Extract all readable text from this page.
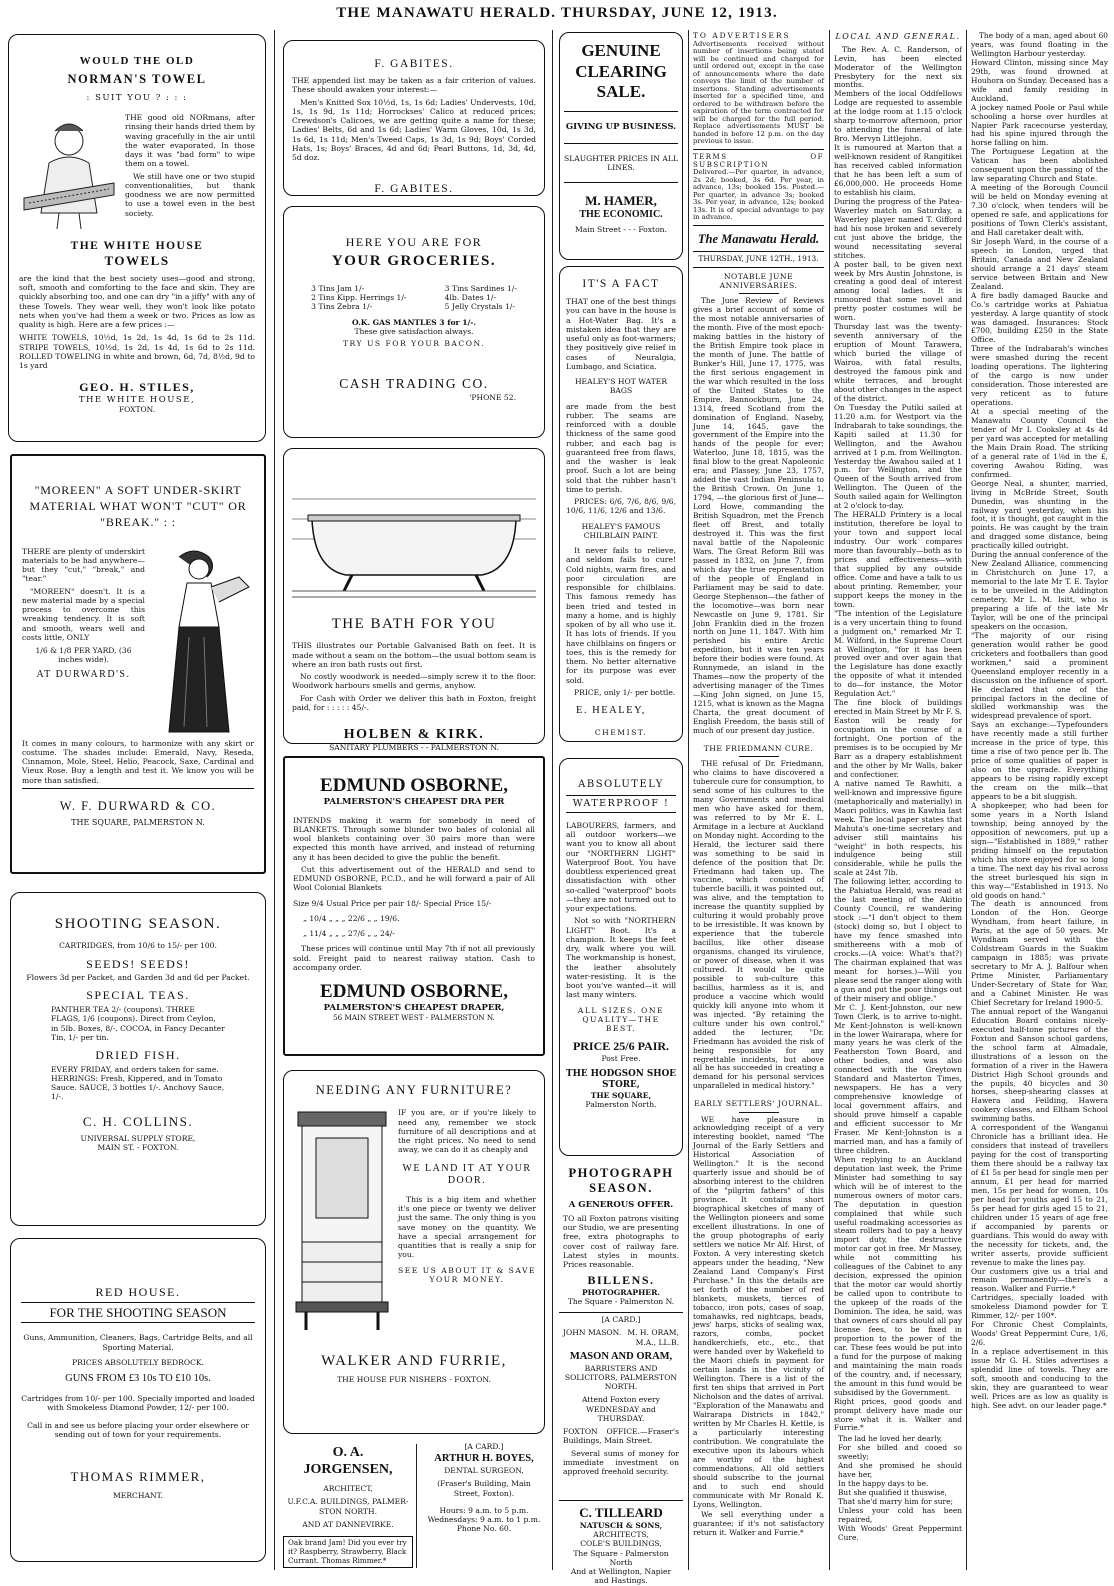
THE MANAWATU HERALD. THURSDAY, JUNE 12, 1913.
WOULD THE OLD
NORMAN'S TOWEL
: SUIT YOU ? : : :

THE good old NORmans, after rinsing their hands dried them by waving gracefully in the air until the water evaporated. In those days it was "bad form" to wipe them on a towel.

We still have one or two stupid conventionalities, but thank goodness we are now permitted to use a towel even in the best society.

THE WHITE HOUSE
TOWELS

are the kind that the best society uses—good and strong, soft, smooth and comforting to the face and skin. They are quickly absorbing too, and one can dry "in a jiffy" with any of these Towels. They wear well, they won't look like potato nets when you've had them a week or two. Prices as low as quality is high. Here are a few prices :—

WHITE TOWELS, 10½d, 1s 2d, 1s 4d, 1s 6d to 2s 11d. STRIPE TOWELS, 10½d, 1s 2d, 1s 4d, 1s 6d to 2s 11d. ROLLED TOWELING in white and brown, 6d, 7d, 8½d, 9d to 1s yard

GEO. H. STILES,
THE WHITE HOUSE,
FOXTON.
"MOREEN" A SOFT UNDER-SKIRT MATERIAL WHAT WON'T "CUT" OR "BREAK." : :

THERE are plenty of underskirt materials to be had anywhere—but they "cut," "break," and "tear."

"MOREEN" doesn't. It is a new material made by a special process to overcome this wreaking tendency. It is soft and smooth, wears well and costs little, ONLY

1/6 & 1/8 PER YARD, (36 inches wide).
AT DURWARD'S.

It comes in many colours, to harmonize with any skirt or costume. The shades include: Emerald, Navy, Reseda, Cinnamon, Mole, Steel, Helio, Peacock, Saxe, Cardinal and Vieux Rose. Buy a length and test it. We know you will be more than satisfied.

W. F. DURWARD & CO.
THE SQUARE, PALMERSTON N.
SHOOTING SEASON.
CARTRIDGES, from 10/6 to 15/- per 100.
SEEDS! SEEDS!
Flowers 3d per Packet, and Garden 3d and 6d per Packet.
SPECIAL TEAS.
PANTHER TEA 2/- (coupons). THREE FLAGS, 1/6 (coupons). Direct from Ceylon, in 5lb. Boxes, 8/-. COCOA, in Fancy Decanter Tin, 1/- per tin.
DRIED FISH.
EVERY FRIDAY, and orders taken for same. HERRINGS: Fresh, Kippered, and in Tomato Sauce. SAUCE, 3 bottles 1/-. Anchovy Sauce, 1/-.
C. H. COLLINS.
UNIVERSAL SUPPLY STORE,
MAIN ST. - FOXTON.
RED HOUSE.
FOR THE SHOOTING SEASON
Guns, Ammunition, Cleaners, Bags, Cartridge Belts, and all Sporting Material.
PRICES ABSOLUTELY BEDROCK.
GUNS FROM £3 10s TO £10 10s.
Cartridges from 10/- per 100. Specially imported and loaded with Smokeless Diamond Powder, 12/- per 100.
Call in and see us before placing your order elsewhere or sending out of town for your requirements.
THOMAS RIMMER,
MERCHANT.
F. GABITES.

THE appended list may be taken as a fair criterion of values. These should awaken your interest:—

Men's Knitted Sox 10½d, 1s, 1s 6d; Ladies' Undervests, 10d, 1s, 1s 9d, 1s 11d; Horrockses' Calico at reduced prices; Crewdson's Calicoes, we are getting quite a name for these; Ladies' Belts, 6d and 1s 6d; Ladies' Warm Gloves, 10d, 1s 3d, 1s 6d, 1s 11d; Men's Tweed Caps, 1s 3d, 1s 9d; Boys' Corded Hats, 1s; Boys' Braces, 4d and 6d; Pearl Buttons, 1d, 3d, 4d, 5d doz.

F. GABITES.
HERE YOU ARE FOR
YOUR GROCERIES.
3 Tins Jam 1/-
2 Tins Kipp. Herrings 1/-
3 Tins Zebra 1/-
3 Tins Sardines 1/-
4lb. Dates 1/-
5 Jelly Crystals 1/-
O.K. GAS MANTLES 3 for 1/-.
These give satisfaction always.
TRY US FOR YOUR BACON.
CASH TRADING CO.
'PHONE 52.
THE BATH FOR YOU

THIS illustrates our Portable Galvanised Bath on feet. It is made without a seam on the bottom—the usual bottom seam is where an iron bath rusts out first.

No costly woodwork is needed—simply screw it to the floor. Woodwork harbours smells and germs, anyhow.

For Cash with Order we deliver this bath in Foxton, freight paid, for : : : : : 45/-.

HOLBEN & KIRK.
SANITARY PLUMBERS - - PALMERSTON N.
EDMUND OSBORNE,
PALMERSTON'S CHEAPEST DRA PER

INTENDS making it warm for somebody in need of BLANKETS. Through some blunder two bales of colonial all wool blankets containing over 30 pairs more than were expected this month have arrived, and instead of returning any it has been decided to give the public the benefit.

Cut this advertisement out of the HERALD and send to EDMUND OSBORNE, P.C.D., and he will forward a pair of All Wool Colonial Blankets

Size 9/4 Usual Price per pair 18/- Special Price 15/-
„ 10/4 „ „ „ 22/6 „ „ 19/6.
„ 11/4 „ „ „ 27/6 „ „ 24/-

These prices will continue until May 7th if not all previously sold. Freight paid to nearest railway station. Cash to accompany order.

EDMUND OSBORNE,
PALMERSTON'S CHEAPEST DRAPER,
56 MAIN STREET WEST - PALMERSTON N.
NEEDING ANY FURNITURE?

IF you are, or if you're likely to need any, remember we stock furniture of all descriptions and at the right prices. No need to send away, we can do it as cheaply and

WE LAND IT AT YOUR DOOR.

This is a big item and whether it's one piece or twenty we deliver just the same. The only thing is you save money on the quantity. We have a special arrangement for quantities that is really a snip for you.

SEE US ABOUT IT & SAVE YOUR MONEY.
WALKER AND FURRIE,
THE HOUSE FUR NISHERS - FOXTON.
O. A. JORGENSEN,
ARCHITECT,
U.F.C.A. BUILDINGS, PALMER-STON NORTH.
AND AT DANNEVIRKE.
[A CARD.]
ARTHUR H. BOYES,
DENTAL SURGEON,
(Fraser's Building, Main Street, Foxton).
Hours: 9 a.m. to 5 p.m. Wednesdays: 9 a.m. to 1 p.m.
Phone No. 60.
Oak brand Jam! Did you ever try it? Raspberry, Strawberry, Black Currant. Thomas Rimmer.*
GENUINE
CLEARING
SALE.
GIVING UP BUSINESS.
SLAUGHTER PRICES IN ALL LINES.
M. HAMER,
THE ECONOMIC.
Main Street - - - Foxton.
IT'S A FACT

THAT one of the best things you can have in the house is a Hot-Water Bag. It's a mistaken idea that they are useful only as foot-warmers; they positively give relief in cases of Neuralgia, Lumbago, and Sciatica.

HEALEY'S HOT WATER BAGS

are made from the best rubber. The seams are reinforced with a double thickness of the same good rubber, and each bag is guaranteed free from flaws, and the washer is leak proof. Such a lot are being sold that the rubber hasn't time to perish.

PRICES: 6/6, 7/6, 8/6, 9/6, 10/6, 11/6, 12/6 and 13/6.

HEALEY'S FAMOUS CHILBLAIN PAINT.

It never fails to relieve, and seldom fails to cure! Cold nights, warm fires, and poor circulation are responsible for chilblains. This famous remedy has been tried and tested in many a home, and is highly spoken of by all who use it. It has lots of friends. If you have chilblains on fingers or toes, this is the remedy for them. No better alternative for its purpose was ever sold.

PRICE, only 1/- per bottle.

E. HEALEY,
CHEMIST.
ABSOLUTELY
WATERPROOF !

LABOURERS, farmers, and all outdoor workers—we want you to know all about our "NORTHERN LIGHT" Waterproof Boot. You have doubtless experienced great dissatisfaction with other so-called "waterproof" boots—they are not turned out to your expectations.

Not so with "NORTHERN LIGHT" Boot. It's a champion. It keeps the feet dry, walk where you will. The workmanship is honest, the leather absolutely water-resisting. It is the boot you've wanted—it will last many winters.

ALL SIZES. ONE QUALITY—THE BEST.
PRICE 25/6 PAIR.
Post Free.
THE HODGSON SHOE STORE,
THE SQUARE,
Palmerston North.
PHOTOGRAPH
SEASON.
A GENEROUS OFFER.

TO all Foxton patrons visiting our Studio, we are presenting free, extra photographs to cover cost of railway fare. Latest styles in mounts. Prices reasonable.

BILLENS.
PHOTOGRAPHER.
The Square - Palmerston N.
[A CARD.]
JOHN MASON. M. H. ORAM, M.A., LL.B.
MASON AND ORAM,
BARRISTERS AND SOLICITORS, PALMERSTON NORTH.
Attend Foxton every WEDNESDAY and THURSDAY.

FOXTON OFFICE.—Fraser's Buildings, Main Street.

Several sums of money for immediate investment on approved freehold security.

C. TILLEARD
NATUSCH & SONS,
ARCHITECTS,
COLE'S BUILDINGS,
The Square - Palmerston North
And at Wellington, Napier and Hastings.
TO ADVERTISERS
Advertisements received without number of insertions being stated will be continued and charged for until ordered out, except in the case of announcements where the date conveys the limit of the number of insertions. Standing advertisements inserted for a specified time, and ordered to be withdrawn before the expiration of the term contracted for will be charged for the full period. Replace advertisements MUST be handed in before 12 p.m. on the day previous to issue.
TERMS OF SUBSCRIPTION
Delivered.—Per quarter, in advance, 2s 2d; booked, 3s 6d. Per year, in advance, 13s; booked 15s. Posted.—Per quarter, in advance 3s; booked 3s. Per year, in advance, 12s; booked 13s. It is of special advantage to pay in advance.
The Manawatu Herald.
THURSDAY, JUNE 12TH., 1913.
NOTABLE JUNE ANNIVERSARIES.

The June Review of Reviews gives a brief account of some of the most notable anniversaries of the month. Five of the most epoch-making battles in the history of the British Empire took place in the month of June. The battle of Bunker's Hill, June 17, 1775, was the first serious engagement in the war which resulted in the loss of the United States to the Empire. Bannockburn, June 24, 1314, freed Scotland from the domination of England. Naseby, June 14, 1645, gave the government of the Empire into the hands of the people for ever; Waterloo, June 18, 1815, was the final blow to the great Napoleonic era; and Plassey, June 23, 1757, added the vast Indian Peninsula to the British Crown. On June 1, 1794, —the glorious first of June—Lord Howe, commanding the British Squadron, met the French fleet off Brest, and totally destroyed it. This was the first naval battle of the Napoleonic Wars. The Great Reform Bill was passed in 1832, on June 7, from which day the true representation of the people of England in Parliament may be said to date. George Stephenson—the father of the locomotive—was born near Newcastle on June 9, 1781. Sir John Franklin died in the frozen north on June 11, 1847. With him perished his entire Arctic expedition, but it was ten years before their bodies were found. At Runnymede, an island in the Thames—now the property of the advertising manager of the Times—King John signed, on June 15, 1215, what is known as the Magna Charta, the great document of English Freedom, the basis still of much of our present day justice.

THE FRIEDMANN CURE.

THE refusal of Dr. Friedmann, who claims to have discovered a tubercule cure for consumption, to send some of his cultures to the many Governments and medical men who have asked for them, was referred to by Mr E. L. Armitage in a lecture at Auckland on Monday night. According to the Herald, the lecturer said there was something to be said in defence of the position that Dr. Friedmann had taken up. The vaccine, which consisted of tubercle bacilli, it was pointed out, was alive, and the temptation to increase the quantity supplied by culturing it would probably prove to be irresistible. It was known by experience that the tubercle bacillus, like other disease organisms, changed its virulence, or power of disease, when it was cultured. It would be quite possible to sub-culture this bacillus, harmless as it is, and produce a vaccine which would quickly kill anyone into whom it was injected. "By retaining the culture under his own control," added the lecturer, "Dr. Friedmann has avoided the risk of being responsible for any regrettable incidents, but above all he has succeeded in creating a demand for his personal services unparalleled in medical history."

EARLY SETTLERS' JOURNAL.

WE have pleasure in acknowledging receipt of a very interesting booklet, named "The Journal of the Early Settlers and Historical Association of Wellington." It is the second quarterly issue and should be of absorbing interest to the children of the "pilgrim fathers" of this province. It contains short biographical sketches of many of the Wellington pioneers and some excellent illustrations. In one of the group photographs of early settlers we notice Mr Alf. Hirst, of Foxton. A very interesting sketch appears under the heading, "New Zealand Land Company's First Purchase." In this the details are set forth of the number of red blankets, muskets, tierces of tobacco, iron pots, cases of soap, tomahawks, red nightcaps, beads, jews' harps, sticks of sealing wax, razors, combs, pocket handkerchiefs, etc., etc., that were handed over by Wakefield to the Maori chiefs in payment for certain lands in the vicinity of Wellington. There is a list of the first ten ships that arrived in Port Nicholson and the dates of arrival. "Exploration of the Manawatu and Wairarapa Districts in 1842," written by Mr Charles H. Kettle, is a particularly interesting contribution. We congratulate the executive upon its labours which are worthy of the highest commendations. All old settlers should subscribe to the journal and to such end should communicate with Mr Ronald K. Lyons, Wellington.

We sell everything under a guarantee; if it's not satisfactory return it. Walker and Furrie.*

LOCAL AND GENERAL.
The Rev. A. C. Randerson, of Levin, has been elected Moderator of the Wellington Presbytery for the next six months.
Members of the local Oddfellows Lodge are requested to assemble at the lodge room at 1.15 o'clock sharp to-morrow afternoon, prior to attending the funeral of late Bro. Mervyn Littlejohn.
It is rumoured at Marton that a well-known resident of Rangitikei has received cabled information that he has been left a sum of £6,000,000. He proceeds Home to establish his claim.
During the progress of the Patea-Waverley match on Saturday, a Waverley player named T. Gifford had his nose broken and severely cut just above the bridge, the wound necessitating several stitches.
A poster ball, to be given next week by Mrs Austin Johnstone, is creating a good deal of interest among local ladies. It is rumoured that some novel and pretty poster costumes will be worn.
Thursday last was the twenty-seventh anniversary of the eruption of Mount Tarawera, which buried the village of Wairoa, with fatal results, destroyed the famous pink and white terraces, and brought about other changes in the aspect of the district.
On Tuesday the Putiki sailed at 11.20 a.m. for Westport via the Indrabarah to take soundings, the Kapiti sailed at 11.30 for Wellington, and the Awahou arrived at 1 p.m. from Wellington. Yesterday the Awahou sailed at 1 p.m. for Wellington, and the Queen of the South arrived from Wellington. The Queen of the South sailed again for Wellington at 2 o'clock to-day.
The HERALD Printery is a local institution, therefore be loyal to your town and support local industry. Our work compares more than favourably—both as to prices and effectiveness—with that supplied by any outside office. Come and have a talk to us about printing. Remember, your support keeps the money in the town.
"The intention of the Legislature is a very uncertain thing to found a judgment on," remarked Mr T. M. Wilford, in the Supreme Court at Wellington, "for it has been proved over and over again that the Legislature has done exactly the opposite of what it intended to do—for instance, the Motor Regulation Act."
The fine block of buildings erected in Main Street by Mr F. S. Easton will be ready for occupation in the course of a fortnight. One portion of the premises is to be occupied by Mr Barr as a drapery establishment and the other by Mr Walls, baker and confectioner.
A native named Te Rawhiti, a well-known and impressive figure (metaphorically and materially) in Maori politics, was in Kawhia last week. The local paper states that Mahuta's one-time secretary and adviser still maintains his "weight" in both respects, his indulgence being still considerable, while he pulls the scale at 24st 7lb.
The following letter, according to the Pahiatua Herald, was read at the last meeting of the Akitio County Council, re wandering stock :—"I don't object to them (stock) doing so, but I object to have my fence smashed into smithereens with a mob of crocks.—(A voice: What's that?) The chairman explained that was meant for horses.)—Will you please send the ranger along with a gun and put the poor things out of their misery and oblige."
Mr C. J. Kent-Johnston, our new Town Clerk, is to arrive to-night. Mr Kent-Johnston is well-known in the lower Wairarapa, where for many years he was clerk of the Featherston Town Board, and other bodies, and was also connected with the Greytown Standard and Masterton Times, newspapers. He has a very comprehensive knowledge of local government affairs, and should prove himself a capable and efficient successor to Mr Fraser. Mr Kent-Johnston is a married man, and has a family of three children.
When replying to an Auckland deputation last week, the Prime Minister had something to say which will be of interest to the numerous owners of motor cars. The deputation in question complained that while such useful roadmaking accessories as steam rollers had to pay a heavy import duty, the destructive motor car got in free. Mr Massey, while not committing his colleagues of the Cabinet to any decision, expressed the opinion that the motor car would shortly be called upon to contribute to the upkeep of the roads of the Dominion. The idea, he said, was that owners of cars should all pay license fees, to be fixed in proportion to the power of the car. These fees would be put into a fund for the purpose of making and maintaining the main roads of the country, and, if necessary, the amount in this fund would be subsidised by the Government.
Right prices, good goods and prompt delivery have made our store what it is. Walker and Furrie.*
The lad he loved her dearly,
For she billed and cooed so sweetly;
And she promised he should have her,
In the happy days to be.
But she qualified it thuswise,
That she'd marry him for sure;
Unless your cold has been repaired,
With Woods' Great Peppermint Cure.
The body of a man, aged about 60 years, was found floating in the Wellington Harbour yesterday.
Howard Clinton, missing since May 29th, was found drowned at Houhora on Sunday. Deceased has a wife and family residing in Auckland.
A jockey named Poole or Paul while schooling a horse over hurdles at Napier Park racecourse yesterday, had his spine injured through the horse falling on him.
The Portuguese Legation at the Vatican has been abolished consequent upon the passing of the law separating Church and State.
A meeting of the Borough Council will be held on Monday evening at 7.30 o'clock, when tenders will be opened re safe, and applications for positions of Town Clerk's assistant, and Hall caretaker dealt with.
Sir Joseph Ward, in the course of a speech in London, urged that Britain, Canada and New Zealand should arrange a 21 days' steam service between Britain and New Zealand.
A fire badly damaged Baucke and Co.'s cartridge works at Pahiatua yesterday. A large quantity of stock was damaged. Insurances: Stock £700, building £250 in the State Office.
Three of the Indrabarah's winches were smashed during the recent loading operations. The lightering of the cargo is now under consideration. Those interested are very reticent as to future operations.
At a special meeting of the Manawatu County Council the tender of Mr I. Cooksley at 4s 4d per yard was accepted for metalling the Main Drain Road. The striking of a general rate of 1⅛d in the £, covering Awahou Riding, was confirmed.
George Neal, a shunter, married, living in McBride Street, South Dunedin, was shunting in the railway yard yesterday, when his foot, it is thought, got caught in the points. He was caught by the train and dragged some distance, being practically killed outright.
During the annual conference of the New Zealand Alliance, commencing in Christchurch on June 17, a memorial to the late Mr T. E. Taylor is to be unveiled in the Addington cemetery. Mr L. M. Isitt, who is preparing a life of the late Mr Taylor, will be one of the principal speakers on the occasion.
"The majority of our rising generation would rather be good cricketers and footballers than good workmen," said a prominent Queensland employer recently in a discussion on the influence of sport. He declared that one of the principal factors in the decline of skilled workmanship was the widespread prevalence of sport.
Says an exchange:—Typefounders have recently made a still further increase in the price of type, this time a rise of two pence per lb. The price of some qualities of paper is also on the upgrade. Everything appears to be rising rapidly except the cream on the milk—that appears to be a bit sluggish.
A shopkeeper, who had been for some years in a North Island township, being annoyed by the opposition of newcomers, put up a sign—"Established in 1889," rather priding himself on the reputation which his store enjoyed for so long a time. The next day his rival across the street burlesqued his sign in this way—"Established in 1913. No old goods on hand."
The death is announced from London of the Hon. George Wyndham, from heart failure, in Paris, at the age of 50 years. Mr Wyndham served with the Coldstream Guards in the Suakim campaign in 1885; was private secretary to Mr A. J. Balfour when Prime Minister, Parliamentary Under-Secretary of State for War, and a Cabinet Minister. He was Chief Secretary for Ireland 1900-5.
The annual report of the Wanganui Education Board contains nicely-executed half-tone pictures of the Foxton and Sanson school gardens, the school farm at Almadale, illustrations of a lesson on the formation of a river in the Hawera District High School grounds and the pupils, 40 bicycles and 30 horses, sheep-shearing classes at Hawera and Feilding, Hawera cookery classes, and Eltham School swimming baths.
A correspondent of the Wanganui Chronicle has a brilliant idea. He considers that instead of travellers paying for the cost of transporting them there should be a railway tax of £1 5s per head for single men per annum, £1 per head for married men, 15s per head for women, 10s per head for youths aged 15 to 21, 5s per head for girls aged 15 to 21, children under 15 years of age free if accompanied by parents or guardians. This would do away with the necessity for tickets, and, the writer asserts, provide sufficient revenue to make the lines pay.
Our customers give us a trial and remain permanently—there's a reason. Walker and Furrie.*
Cartridges, specially loaded with smokeless Diamond powder for T. Rimmer, 12/- per 100*.
For Chronic Chest Complaints, Woods' Great Peppermint Cure, 1/6, 2/6.
In a replace advertisement in this issue Mr G. H. Stiles advertises a splendid line of towels. They are soft, smooth and conducing to the skin, they are guaranteed to wear well. Prices are as low as quality is high. See advt. on our leader page.*
